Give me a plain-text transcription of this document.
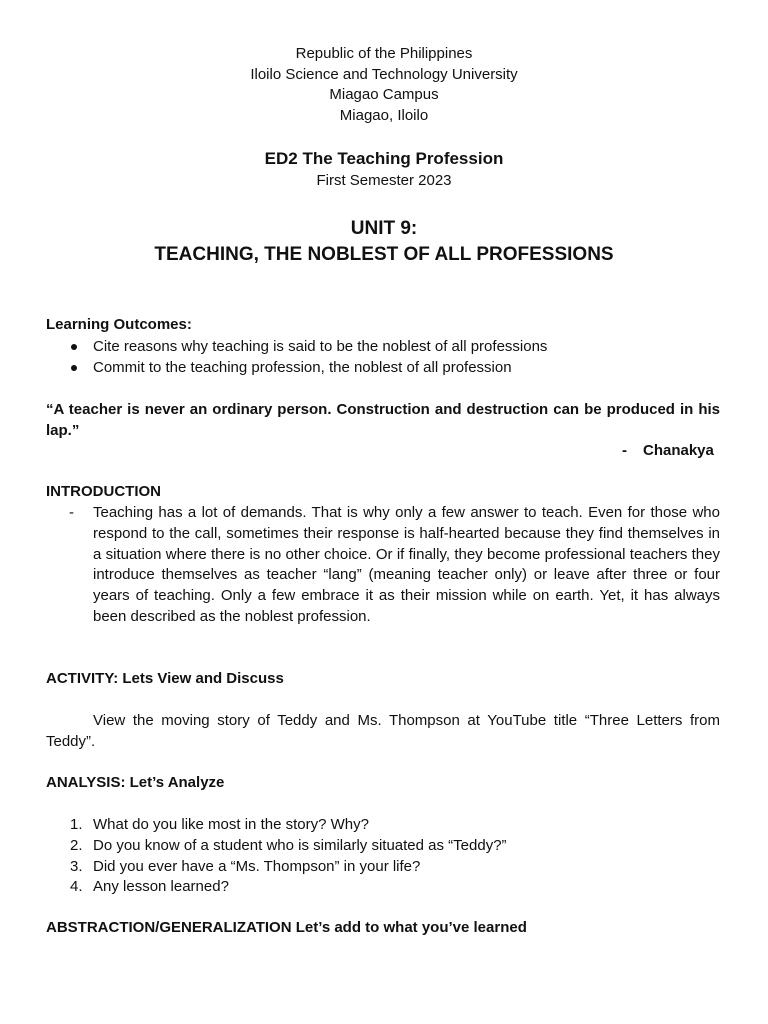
Republic of the Philippines
Iloilo Science and Technology University
Miagao Campus
Miagao, Iloilo
ED2 The Teaching Profession
First Semester 2023
UNIT 9:
TEACHING, THE NOBLEST OF ALL PROFESSIONS
Learning Outcomes:
Cite reasons why teaching is said to be the noblest of all professions
Commit to the teaching profession, the noblest of all profession
“A teacher is never an ordinary person. Construction and destruction can be produced in his lap.”
- Chanakya
INTRODUCTION
-	Teaching has a lot of demands. That is why only a few answer to teach. Even for those who respond to the call, sometimes their response is half-hearted because they find themselves in a situation where there is no other choice. Or if finally, they become professional teachers they introduce themselves as teacher “lang” (meaning teacher only) or leave after three or four years of teaching. Only a few embrace it as their mission while on earth. Yet, it has always been described as the noblest profession.
ACTIVITY: Lets View and Discuss
View the moving story of Teddy and Ms. Thompson at YouTube title “Three Letters from Teddy”.
ANALYSIS: Let’s Analyze
1. What do you like most in the story? Why?
2. Do you know of a student who is similarly situated as “Teddy?”
3. Did you ever have a “Ms. Thompson” in your life?
4. Any lesson learned?
ABSTRACTION/GENERALIZATION Let’s add to what you’ve learned
